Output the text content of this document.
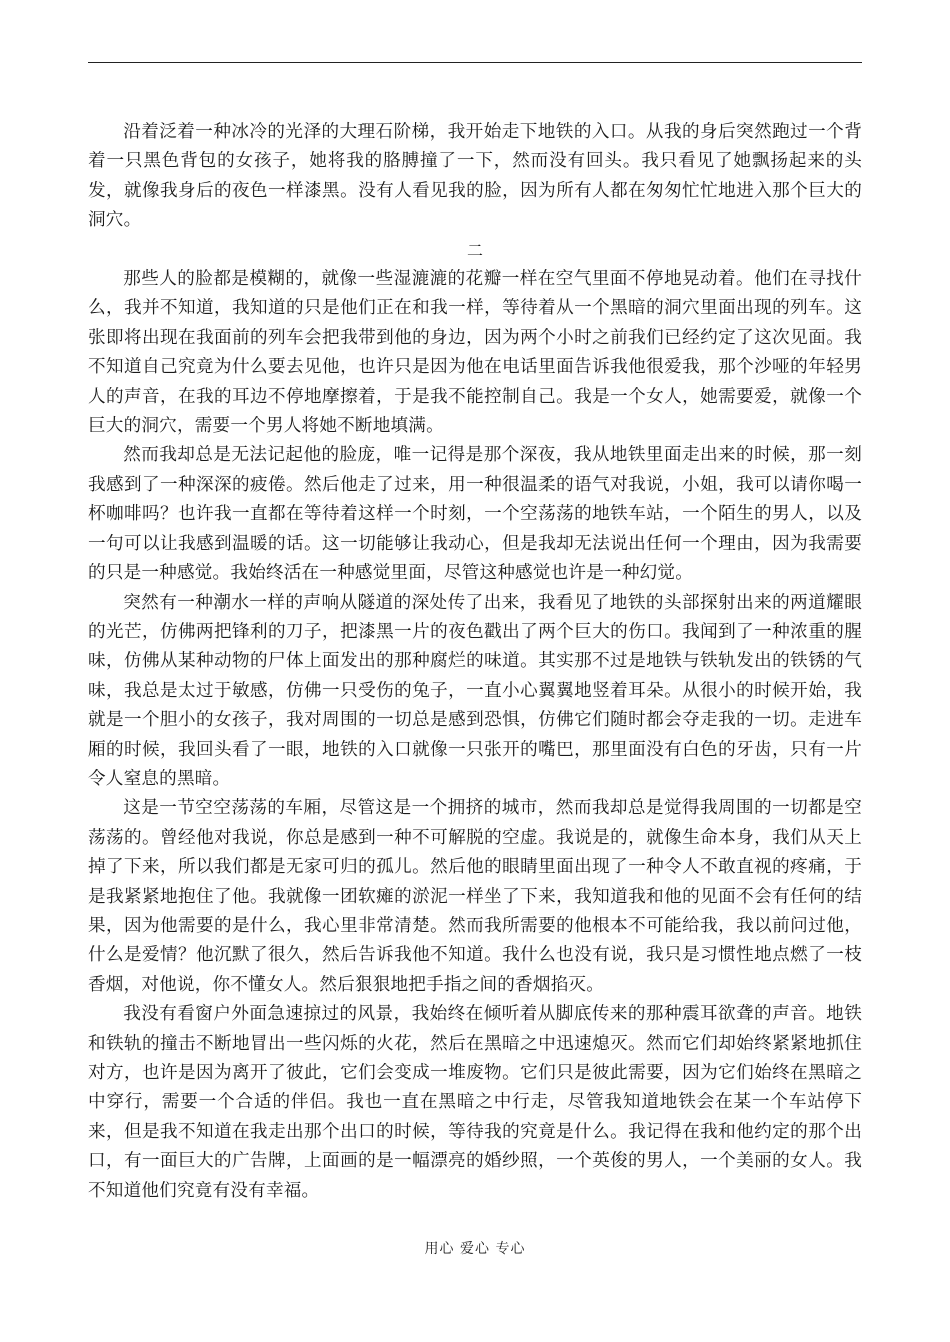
沿着泛着一种冰冷的光泽的大理石阶梯，我开始走下地铁的入口。从我的身后突然跑过一个背着一只黑色背包的女孩子，她将我的胳膊撞了一下，然而没有回头。我只看见了她飘扬起来的头发，就像我身后的夜色一样漆黑。没有人看见我的脸，因为所有人都在匆匆忙忙地进入那个巨大的洞穴。

二

那些人的脸都是模糊的，就像一些湿漉漉的花瓣一样在空气里面不停地晃动着。他们在寻找什么，我并不知道，我知道的只是他们正在和我一样，等待着从一个黑暗的洞穴里面出现的列车。这张即将出现在我面前的列车会把我带到他的身边，因为两个小时之前我们已经约定了这次见面。我不知道自己究竟为什么要去见他，也许只是因为他在电话里面告诉我他很爱我，那个沙哑的年轻男人的声音，在我的耳边不停地摩擦着，于是我不能控制自己。我是一个女人，她需要爱，就像一个巨大的洞穴，需要一个男人将她不断地填满。

然而我却总是无法记起他的脸庞，唯一记得是那个深夜，我从地铁里面走出来的时候，那一刻我感到了一种深深的疲倦。然后他走了过来，用一种很温柔的语气对我说，小姐，我可以请你喝一杯咖啡吗？也许我一直都在等待着这样一个时刻，一个空荡荡的地铁车站，一个陌生的男人，以及一句可以让我感到温暖的话。这一切能够让我动心，但是我却无法说出任何一个理由，因为我需要的只是一种感觉。我始终活在一种感觉里面，尽管这种感觉也许是一种幻觉。

突然有一种潮水一样的声响从隧道的深处传了出来，我看见了地铁的头部探射出来的两道耀眼的光芒，仿佛两把锋利的刀子，把漆黑一片的夜色戳出了两个巨大的伤口。我闻到了一种浓重的腥味，仿佛从某种动物的尸体上面发出的那种腐烂的味道。其实那不过是地铁与铁轨发出的铁锈的气味，我总是太过于敏感，仿佛一只受伤的兔子，一直小心翼翼地竖着耳朵。从很小的时候开始，我就是一个胆小的女孩子，我对周围的一切总是感到恐惧，仿佛它们随时都会夺走我的一切。走进车厢的时候，我回头看了一眼，地铁的入口就像一只张开的嘴巴，那里面没有白色的牙齿，只有一片令人窒息的黑暗。

这是一节空空荡荡的车厢，尽管这是一个拥挤的城市，然而我却总是觉得我周围的一切都是空荡荡的。曾经他对我说，你总是感到一种不可解脱的空虚。我说是的，就像生命本身，我们从天上掉了下来，所以我们都是无家可归的孤儿。然后他的眼睛里面出现了一种令人不敢直视的疼痛，于是我紧紧地抱住了他。我就像一团软瘫的淤泥一样坐了下来，我知道我和他的见面不会有任何的结果，因为他需要的是什么，我心里非常清楚。然而我所需要的他根本不可能给我，我以前问过他，什么是爱情？他沉默了很久，然后告诉我他不知道。我什么也没有说，我只是习惯性地点燃了一枝香烟，对他说，你不懂女人。然后狠狠地把手指之间的香烟掐灭。

我没有看窗户外面急速掠过的风景，我始终在倾听着从脚底传来的那种震耳欲聋的声音。地铁和铁轨的撞击不断地冒出一些闪烁的火花，然后在黑暗之中迅速熄灭。然而它们却始终紧紧地抓住对方，也许是因为离开了彼此，它们会变成一堆废物。它们只是彼此需要，因为它们始终在黑暗之中穿行，需要一个合适的伴侣。我也一直在黑暗之中行走，尽管我知道地铁会在某一个车站停下来，但是我不知道在我走出那个出口的时候，等待我的究竟是什么。我记得在我和他约定的那个出口，有一面巨大的广告牌，上面画的是一幅漂亮的婚纱照，一个英俊的男人，一个美丽的女人。我不知道他们究竟有没有幸福。

用心 爱心 专心
